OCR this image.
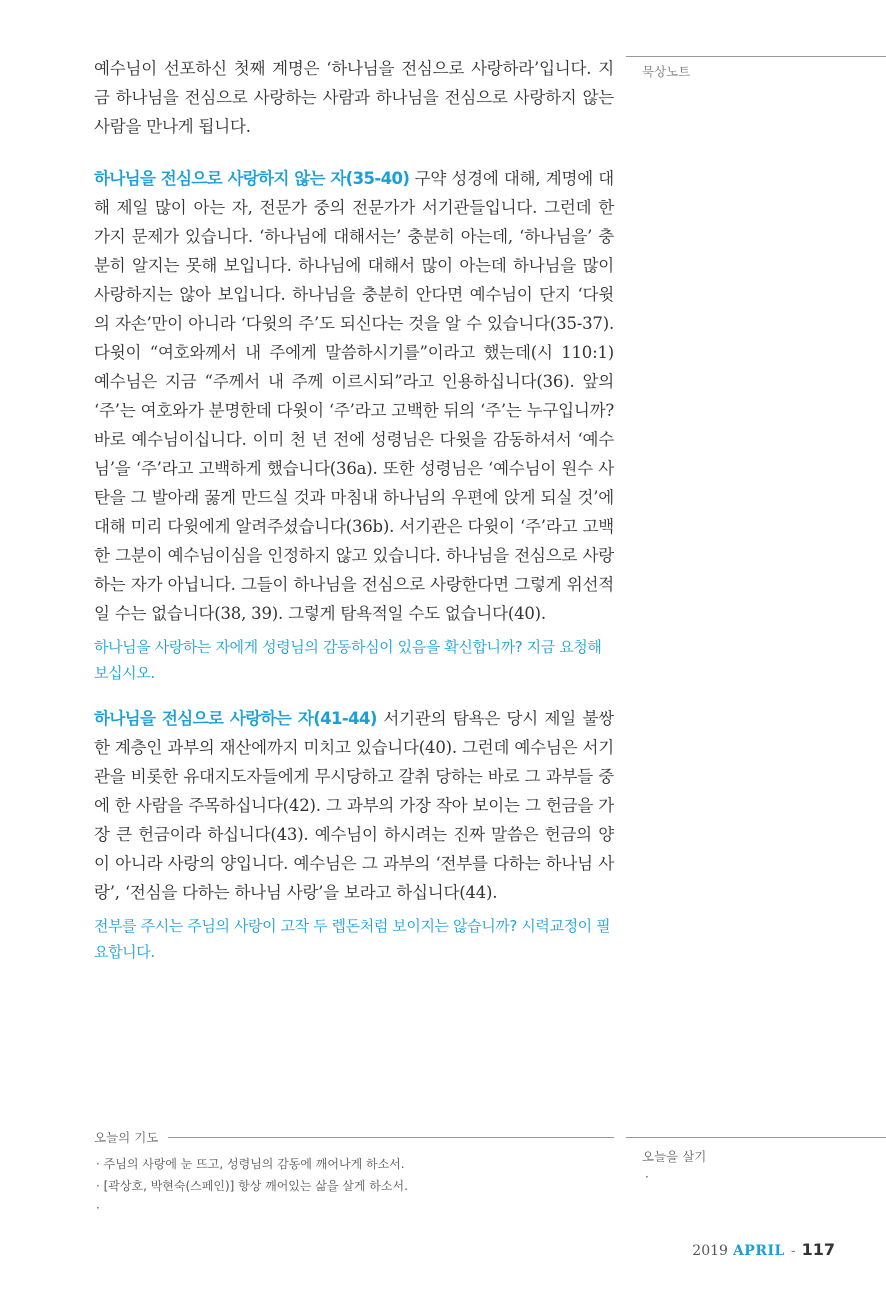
예수님이 선포하신 첫째 계명은 ‘하나님을 전심으로 사랑하라’입니다. 지금 하나님을 전심으로 사랑하는 사람과 하나님을 전심으로 사랑하지 않는 사람을 만나게 됩니다.

하나님을 전심으로 사랑하지 않는 자(35-40) 구약 성경에 대해, 계명에 대해 제일 많이 아는 자, 전문가 중의 전문가가 서기관들입니다. 그런데 한 가지 문제가 있습니다. ‘하나님에 대해서는’ 충분히 아는데, ‘하나님을’ 충분히 알지는 못해 보입니다. 하나님에 대해서 많이 아는데 하나님을 많이 사랑하지는 않아 보입니다. 하나님을 충분히 안다면 예수님이 단지 ‘다윗의 자손’만이 아니라 ‘다윗의 주’도 되신다는 것을 알 수 있습니다(35-37). 다윗이 “여호와께서 내 주에게 말씀하시기를”이라고 했는데(시 110:1) 예수님은 지금 “주께서 내 주께 이르시되”라고 인용하십니다(36). 앞의 ‘주’는 여호와가 분명한데 다윗이 ‘주’라고 고백한 뒤의 ‘주’는 누구입니까? 바로 예수님이십니다. 이미 천 년 전에 성령님은 다윗을 감동하셔서 ‘예수님’을 ‘주’라고 고백하게 했습니다(36a). 또한 성령님은 ‘예수님이 원수 사탄을 그 발아래 꿇게 만드실 것과 마침내 하나님의 우편에 앉게 되실 것’에 대해 미리 다윗에게 알려주셨습니다(36b). 서기관은 다윗이 ‘주’라고 고백한 그분이 예수님이심을 인정하지 않고 있습니다. 하나님을 전심으로 사랑하는 자가 아닙니다. 그들이 하나님을 전심으로 사랑한다면 그렇게 위선적일 수는 없습니다(38, 39). 그렇게 탐욕적일 수도 없습니다(40).

하나님을 사랑하는 자에게 성령님의 감동하심이 있음을 확신합니까? 지금 요청해 보십시오.

하나님을 전심으로 사랑하는 자(41-44) 서기관의 탐욕은 당시 제일 불쌍한 계층인 과부의 재산에까지 미치고 있습니다(40). 그런데 예수님은 서기관을 비롯한 유대지도자들에게 무시당하고 갈취 당하는 바로 그 과부들 중에 한 사람을 주목하십니다(42). 그 과부의 가장 작아 보이는 그 헌금을 가장 큰 헌금이라 하십니다(43). 예수님이 하시려는 진짜 말씀은 헌금의 양이 아니라 사랑의 양입니다. 예수님은 그 과부의 ‘전부를 다하는 하나님 사랑’, ‘전심을 다하는 하나님 사랑’을 보라고 하십니다(44).

전부를 주시는 주님의 사랑이 고작 두 렙돈처럼 보이지는 않습니까? 시력교정이 필요합니다.

묵상노트
오늘의 기도
· 주님의 사랑에 눈 뜨고, 성령님의 감동에 깨어나게 하소서.
· [곽상호, 박현숙(스페인)] 항상 깨어있는 삶을 살게 하소서.
·
오늘을 살기
·
2019 APRIL - 117
